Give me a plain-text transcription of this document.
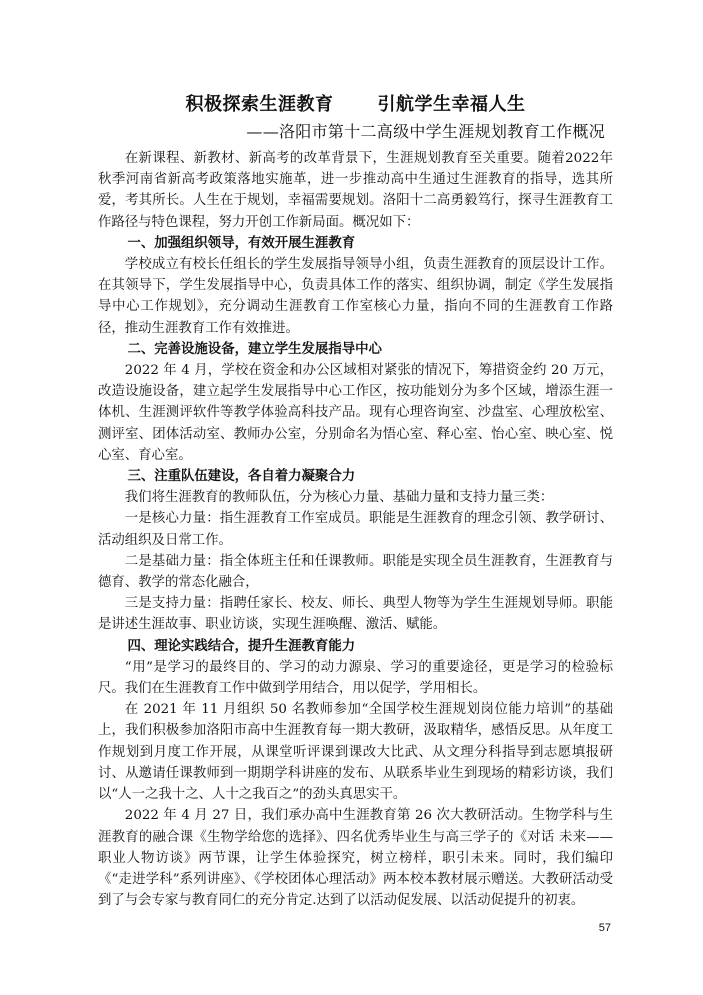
积极探索生涯教育 引航学生幸福人生
——洛阳市第十二高级中学生涯规划教育工作概况

在新课程、新教材、新高考的改革背景下，生涯规划教育至关重要。随着2022年秋季河南省新高考政策落地实施革，进一步推动高中生通过生涯教育的指导，选其所爱，考其所长。人生在于规划，幸福需要规划。洛阳十二高勇毅笃行，探寻生涯教育工作路径与特色课程，努力开创工作新局面。概况如下：

一、加强组织领导，有效开展生涯教育

学校成立有校长任组长的学生发展指导领导小组，负责生涯教育的顶层设计工作。在其领导下，学生发展指导中心，负责具体工作的落实、组织协调，制定《学生发展指导中心工作规划》，充分调动生涯教育工作室核心力量，指向不同的生涯教育工作路径，推动生涯教育工作有效推进。

二、完善设施设备，建立学生发展指导中心

2022 年 4 月，学校在资金和办公区域相对紧张的情况下，筹措资金约 20 万元，改造设施设备，建立起学生发展指导中心工作区，按功能划分为多个区域，增添生涯一体机、生涯测评软件等教学体验高科技产品。现有心理咨询室、沙盘室、心理放松室、测评室、团体活动室、教师办公室，分别命名为悟心室、释心室、怡心室、映心室、悦心室、育心室。

三、注重队伍建设，各自着力凝聚合力

我们将生涯教育的教师队伍，分为核心力量、基础力量和支持力量三类：

一是核心力量：指生涯教育工作室成员。职能是生涯教育的理念引领、教学研讨、活动组织及日常工作。

二是基础力量：指全体班主任和任课教师。职能是实现全员生涯教育，生涯教育与德育、教学的常态化融合，

三是支持力量：指聘任家长、校友、师长、典型人物等为学生生涯规划导师。职能是讲述生涯故事、职业访谈，实现生涯唤醒、激活、赋能。

四、理论实践结合，提升生涯教育能力

“用”是学习的最终目的、学习的动力源泉、学习的重要途径，更是学习的检验标尺。我们在生涯教育工作中做到学用结合，用以促学，学用相长。

在 2021 年 11 月组织 50 名教师参加“全国学校生涯规划岗位能力培训”的基础上，我们积极参加洛阳市高中生涯教育每一期大教研，汲取精华，感悟反思。从年度工作规划到月度工作开展，从课堂听评课到课改大比武、从文理分科指导到志愿填报研讨、从邀请任课教师到一期期学科讲座的发布、从联系毕业生到现场的精彩访谈，我们以“人一之我十之、人十之我百之”的劲头真思实干。

2022 年 4 月 27 日，我们承办高中生涯教育第 26 次大教研活动。生物学科与生涯教育的融合课《生物学给您的选择》、四名优秀毕业生与高三学子的《对话 未来——职业人物访谈》两节课，让学生体验探究，树立榜样，职引未来。同时，我们编印《“走进学科”系列讲座》、《学校团体心理活动》两本校本教材展示赠送。大教研活动受到了与会专家与教育同仁的充分肯定.达到了以活动促发展、以活动促提升的初衷。

57
